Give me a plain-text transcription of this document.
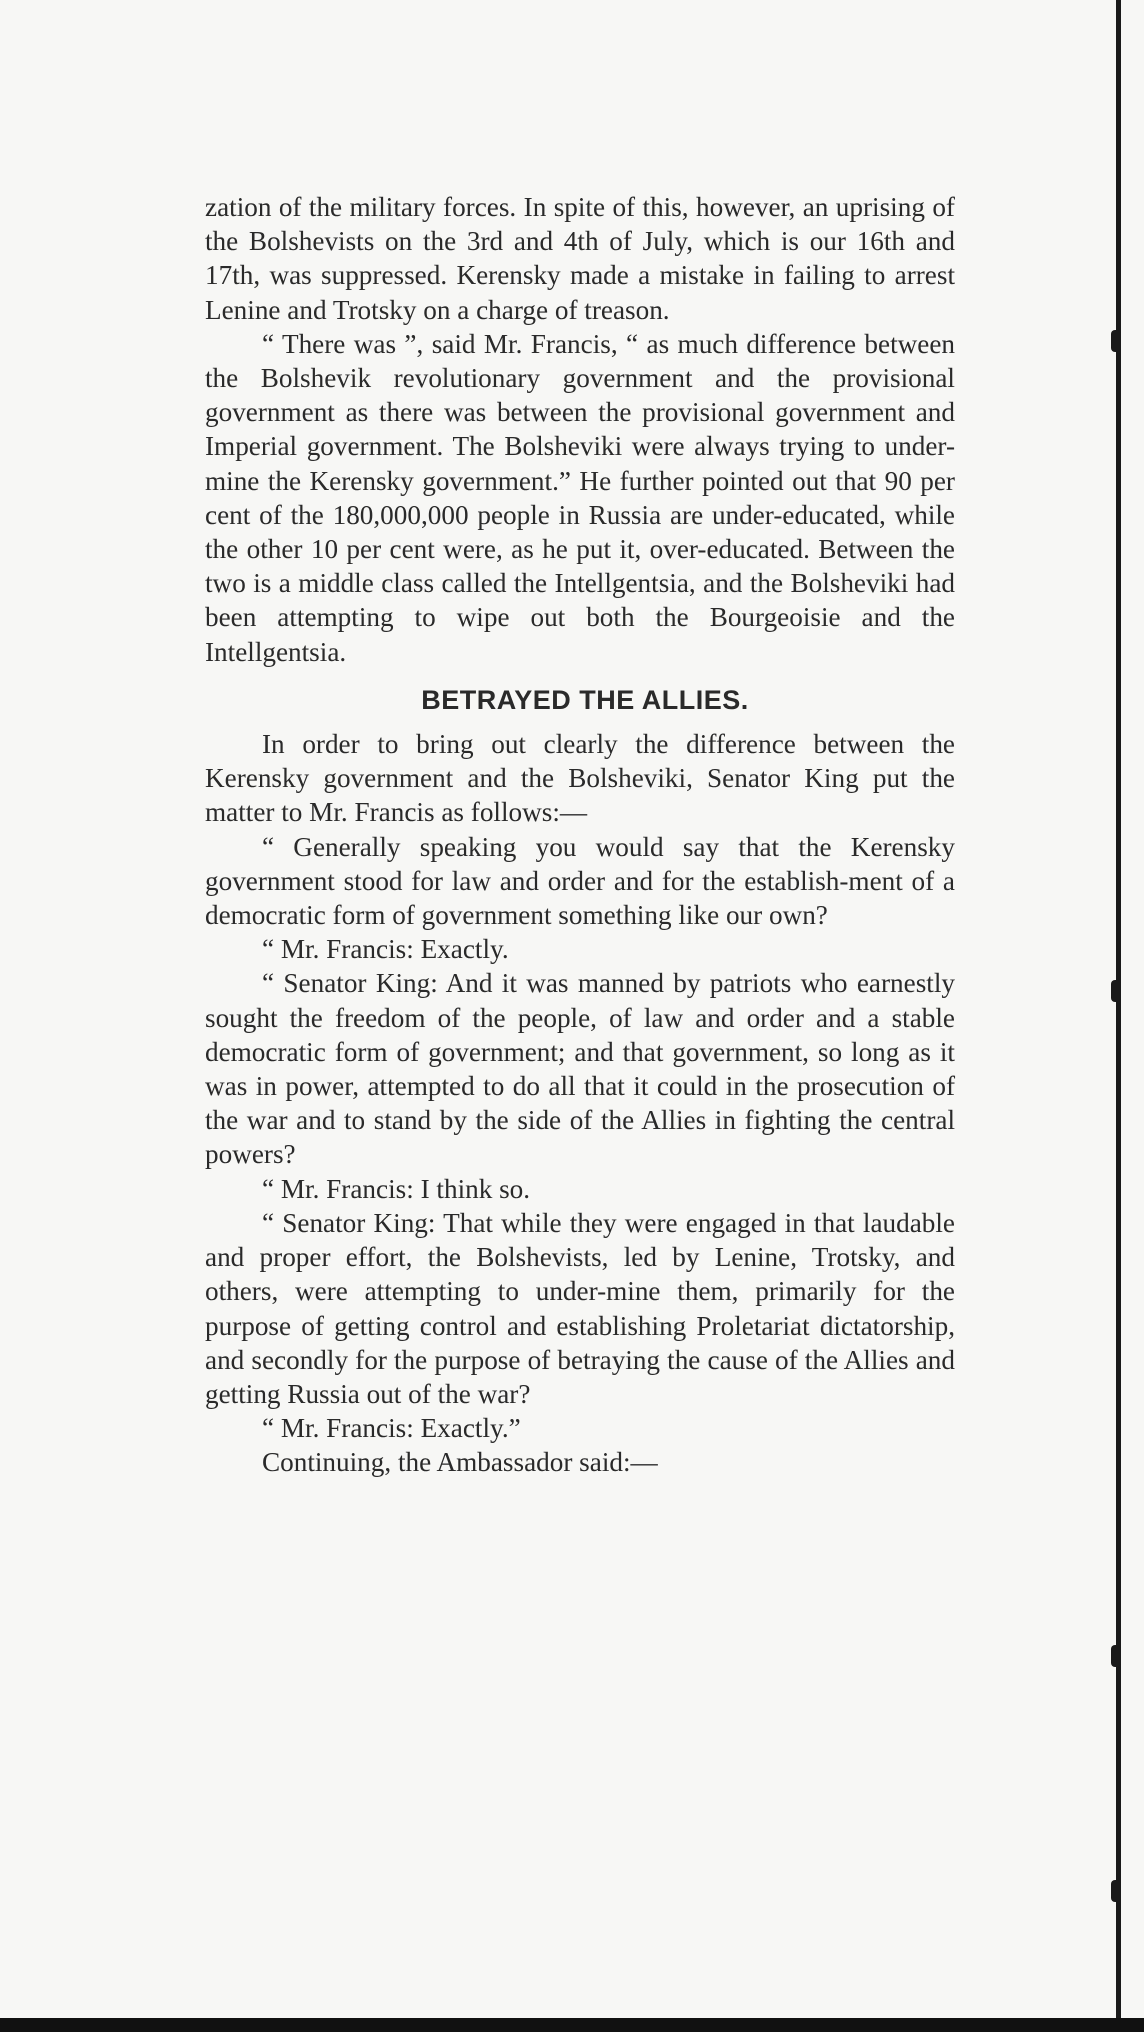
zation of the military forces. In spite of this, however, an uprising of the Bolshevists on the 3rd and 4th of July, which is our 16th and 17th, was suppressed. Kerensky made a mistake in failing to arrest Lenine and Trotsky on a charge of treason.

“ There was ”, said Mr. Francis, “ as much difference between the Bolshevik revolutionary government and the provisional government as there was between the provisional government and Imperial government. The Bolsheviki were always trying to under-mine the Kerensky government.” He further pointed out that 90 per cent of the 180,000,000 people in Russia are under-educated, while the other 10 per cent were, as he put it, over-educated. Between the two is a middle class called the Intellgentsia, and the Bolsheviki had been attempting to wipe out both the Bourgeoisie and the Intellgentsia.

BETRAYED THE ALLIES.

In order to bring out clearly the difference between the Kerensky government and the Bolsheviki, Senator King put the matter to Mr. Francis as follows:—

“ Generally speaking you would say that the Kerensky government stood for law and order and for the establish-ment of a democratic form of government something like our own?

“ Mr. Francis: Exactly.

“ Senator King: And it was manned by patriots who earnestly sought the freedom of the people, of law and order and a stable democratic form of government; and that government, so long as it was in power, attempted to do all that it could in the prosecution of the war and to stand by the side of the Allies in fighting the central powers?

“ Mr. Francis: I think so.

“ Senator King: That while they were engaged in that laudable and proper effort, the Bolshevists, led by Lenine, Trotsky, and others, were attempting to under-mine them, primarily for the purpose of getting control and establishing Proletariat dictatorship, and secondly for the purpose of betraying the cause of the Allies and getting Russia out of the war?

“ Mr. Francis: Exactly.”

Continuing, the Ambassador said:—
